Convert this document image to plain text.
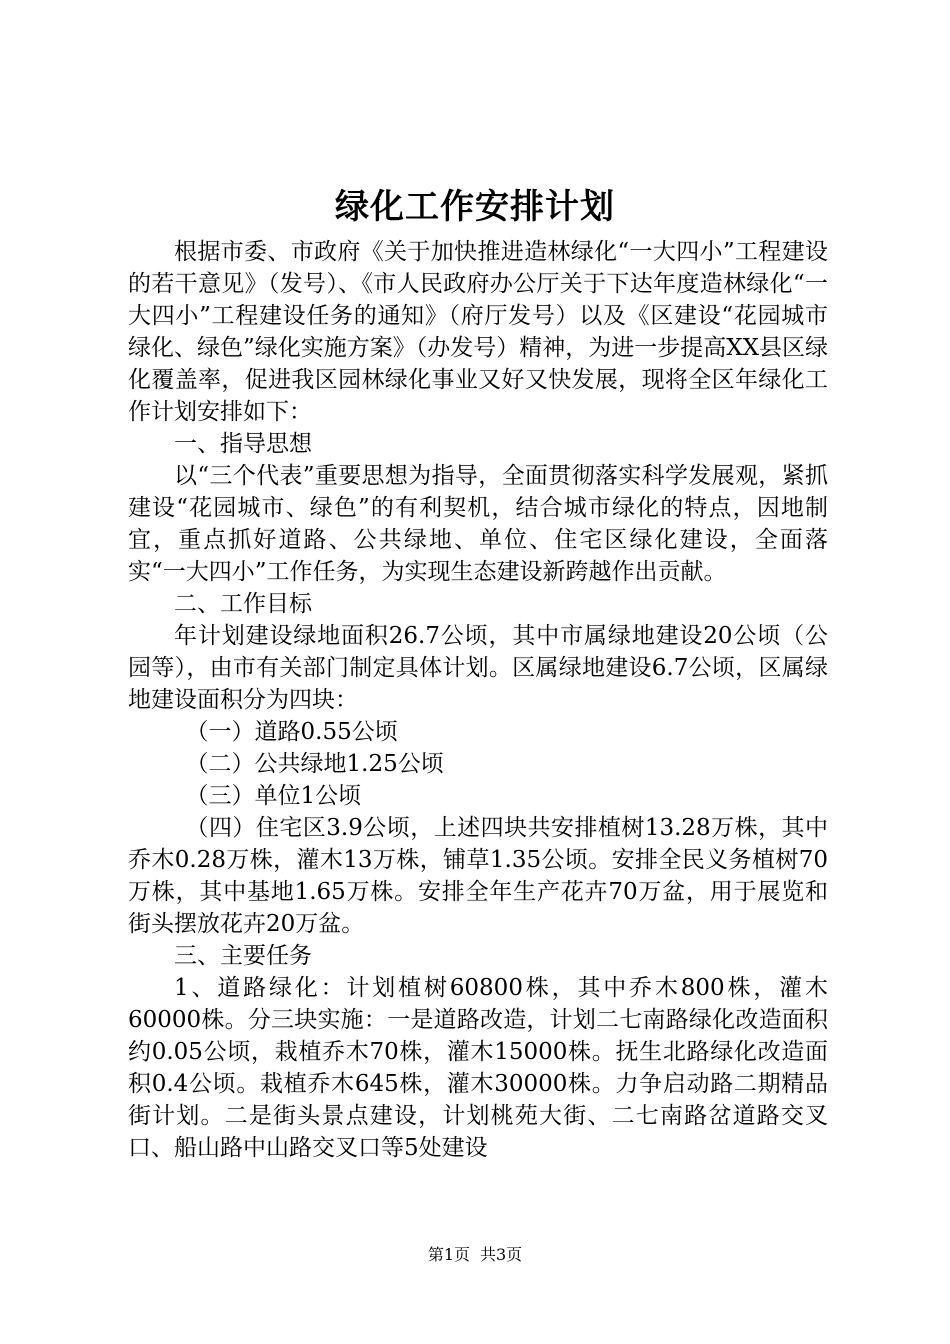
绿化工作安排计划

根据市委、市政府《关于加快推进造林绿化“一大四小”工程建设的若干意见》（发号）、《市人民政府办公厅关于下达年度造林绿化“一大四小”工程建设任务的通知》（府厅发号）以及《区建设“花园城市绿化、绿色”绿化实施方案》（办发号）精神，为进一步提高XX县区绿化覆盖率，促进我区园林绿化事业又好又快发展，现将全区年绿化工作计划安排如下：

一、指导思想

以“三个代表”重要思想为指导，全面贯彻落实科学发展观，紧抓建设“花园城市、绿色”的有利契机，结合城市绿化的特点，因地制宜，重点抓好道路、公共绿地、单位、住宅区绿化建设，全面落实“一大四小”工作任务，为实现生态建设新跨越作出贡献。

二、工作目标

年计划建设绿地面积26.7公顷，其中市属绿地建设20公顷（公园等），由市有关部门制定具体计划。区属绿地建设6.7公顷，区属绿地建设面积分为四块：

（一）道路0.55公顷

（二）公共绿地1.25公顷

（三）单位1公顷

（四）住宅区3.9公顷，上述四块共安排植树13.28万株，其中乔木0.28万株，灌木13万株，铺草1.35公顷。安排全民义务植树70万株，其中基地1.65万株。安排全年生产花卉70万盆，用于展览和街头摆放花卉20万盆。

三、主要任务

1、道路绿化：计划植树60800株，其中乔木800株，灌木60000株。分三块实施：一是道路改造，计划二七南路绿化改造面积约0.05公顷，栽植乔木70株，灌木15000株。抚生北路绿化改造面积0.4公顷。栽植乔木645株，灌木30000株。力争启动路二期精品街计划。二是街头景点建设，计划桃苑大街、二七南路岔道路交叉口、船山路中山路交叉口等5处建设

第1页 共3页
